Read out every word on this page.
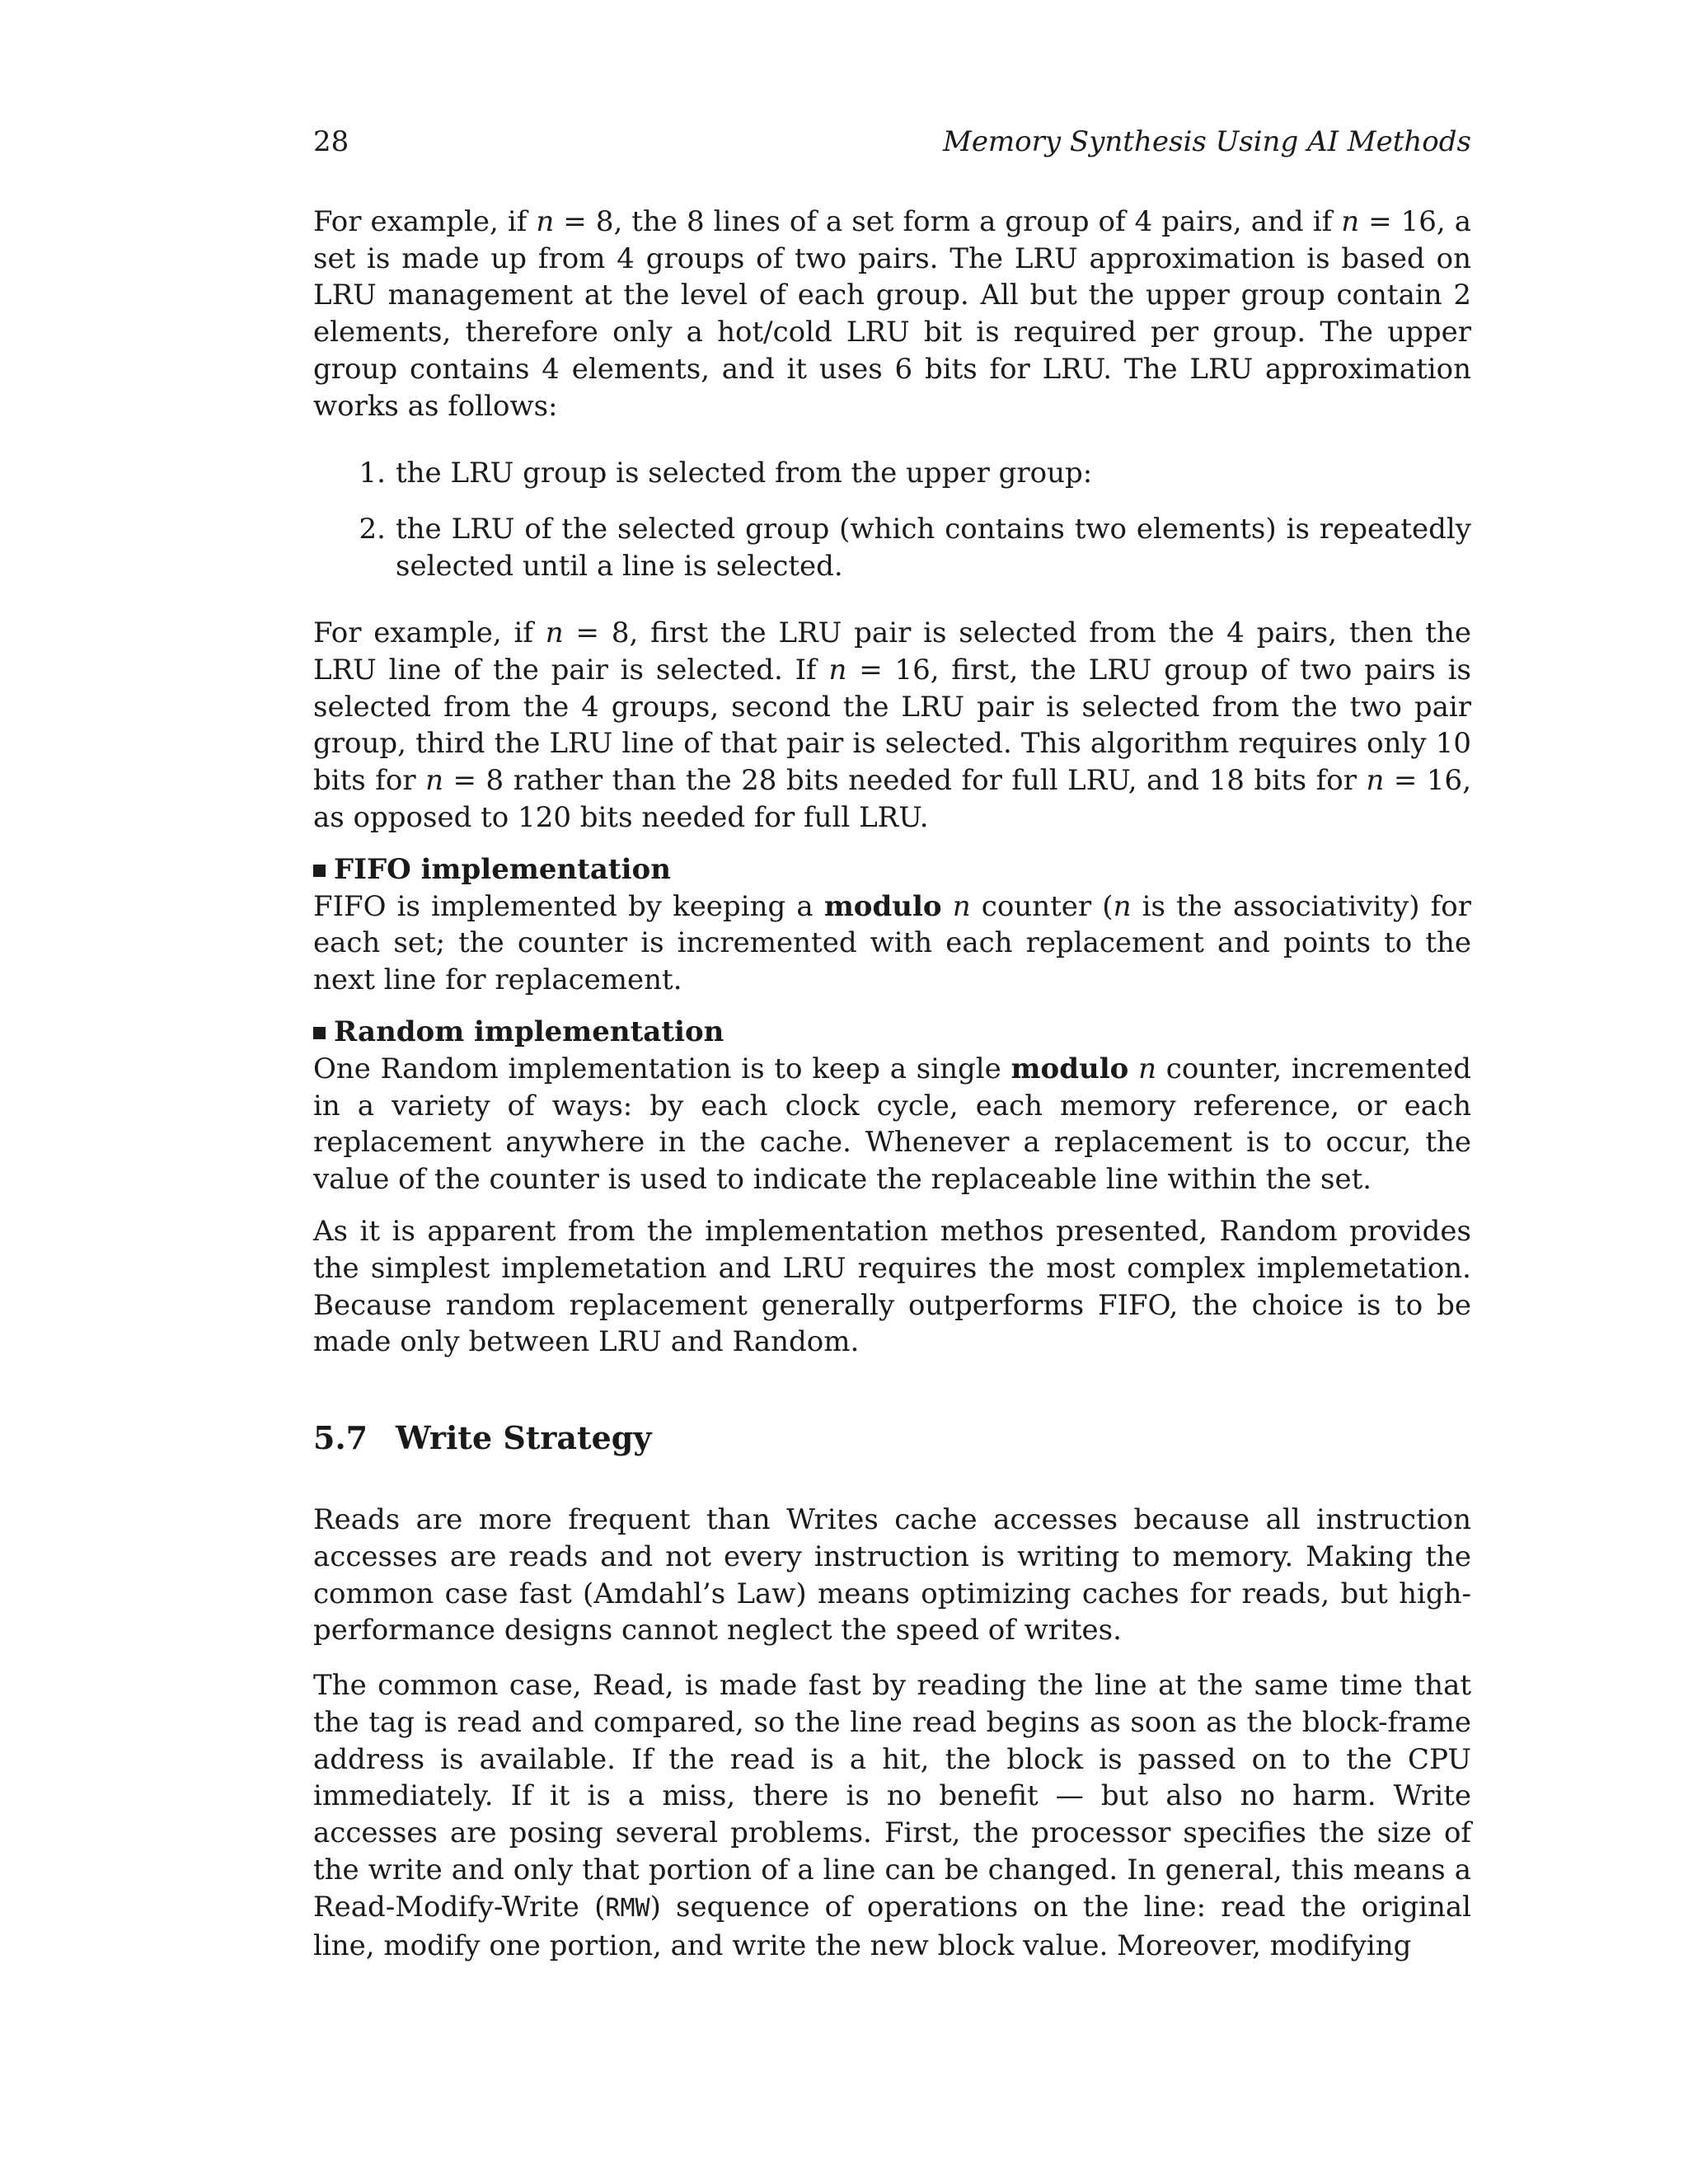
28	Memory Synthesis Using AI Methods

For example, if n = 8, the 8 lines of a set form a group of 4 pairs, and if n = 16, a set is made up from 4 groups of two pairs. The LRU approximation is based on LRU management at the level of each group. All but the upper group contain 2 elements, therefore only a hot/cold LRU bit is required per group. The upper group contains 4 elements, and it uses 6 bits for LRU. The LRU approximation works as follows:

1. the LRU group is selected from the upper group:
2. the LRU of the selected group (which contains two elements) is repeatedly selected until a line is selected.

For example, if n = 8, first the LRU pair is selected from the 4 pairs, then the LRU line of the pair is selected. If n = 16, first, the LRU group of two pairs is selected from the 4 groups, second the LRU pair is selected from the two pair group, third the LRU line of that pair is selected. This algorithm requires only 10 bits for n = 8 rather than the 28 bits needed for full LRU, and 18 bits for n = 16, as opposed to 120 bits needed for full LRU.

FIFO implementation

FIFO is implemented by keeping a modulo n counter (n is the associativity) for each set; the counter is incremented with each replacement and points to the next line for replacement.

Random implementation

One Random implementation is to keep a single modulo n counter, incremented in a variety of ways: by each clock cycle, each memory reference, or each replacement anywhere in the cache. Whenever a replacement is to occur, the value of the counter is used to indicate the replaceable line within the set.

As it is apparent from the implementation methos presented, Random provides the simplest implemetation and LRU requires the most complex implemetation. Because random replacement generally outperforms FIFO, the choice is to be made only between LRU and Random.

5.7 Write Strategy

Reads are more frequent than Writes cache accesses because all instruction accesses are reads and not every instruction is writing to memory. Making the common case fast (Amdahl’s Law) means optimizing caches for reads, but high-performance designs cannot neglect the speed of writes.

The common case, Read, is made fast by reading the line at the same time that the tag is read and compared, so the line read begins as soon as the block-frame address is available. If the read is a hit, the block is passed on to the CPU immediately. If it is a miss, there is no benefit — but also no harm. Write accesses are posing several problems. First, the processor specifies the size of the write and only that portion of a line can be changed. In general, this means a Read-Modify-Write (RMW) sequence of operations on the line: read the original line, modify one portion, and write the new block value. Moreover, modifying
